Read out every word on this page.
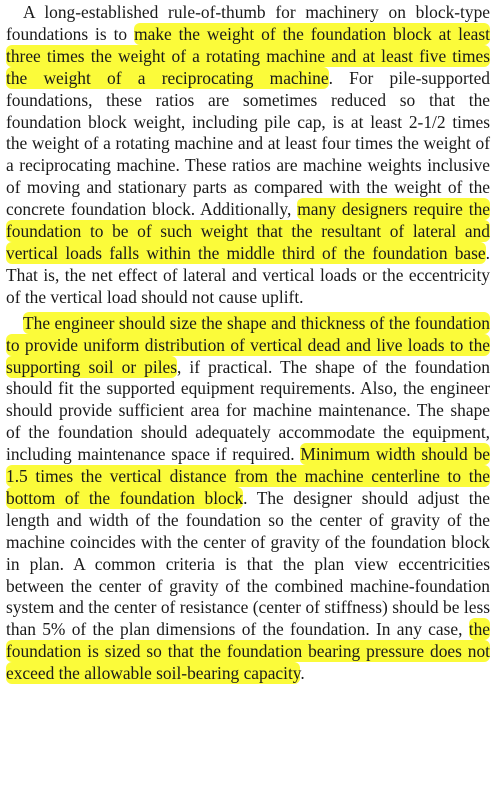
A long-established rule-of-thumb for machinery on block-type foundations is to make the weight of the foundation block at least three times the weight of a rotating machine and at least five times the weight of a reciprocating machine. For pile-supported foundations, these ratios are sometimes reduced so that the foundation block weight, including pile cap, is at least 2-1/2 times the weight of a rotating machine and at least four times the weight of a reciprocating machine. These ratios are machine weights inclusive of moving and stationary parts as compared with the weight of the concrete foundation block. Additionally, many designers require the foundation to be of such weight that the resultant of lateral and vertical loads falls within the middle third of the foundation base. That is, the net effect of lateral and vertical loads or the eccentricity of the vertical load should not cause uplift.

The engineer should size the shape and thickness of the foundation to provide uniform distribution of vertical dead and live loads to the supporting soil or piles, if practical. The shape of the foundation should fit the supported equipment requirements. Also, the engineer should provide sufficient area for machine maintenance. The shape of the foundation should adequately accommodate the equipment, including maintenance space if required. Minimum width should be 1.5 times the vertical distance from the machine centerline to the bottom of the foundation block. The designer should adjust the length and width of the foundation so the center of gravity of the machine coincides with the center of gravity of the foundation block in plan. A common criteria is that the plan view eccentricities between the center of gravity of the combined machine-foundation system and the center of resistance (center of stiffness) should be less than 5% of the plan dimensions of the foundation. In any case, the foundation is sized so that the foundation bearing pressure does not exceed the allowable soil-bearing capacity.
